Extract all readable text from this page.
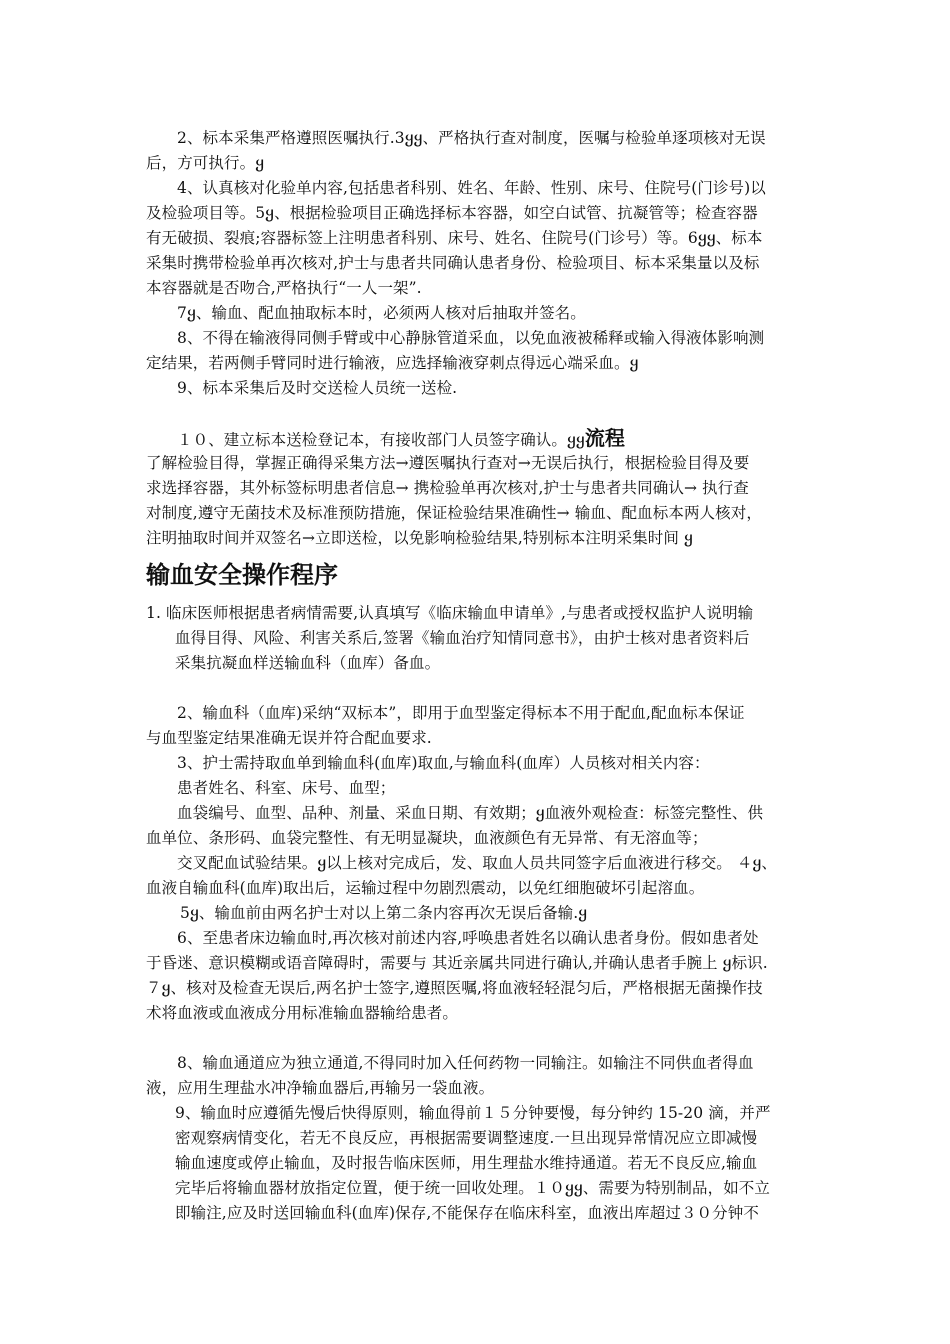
2、标本采集严格遵照医嘱执行.3ყყ、严格执行查对制度，医嘱与检验单逐项核对无误
后，方可执行。ყ
4、认真核对化验单内容,包括患者科别、姓名、年龄、性别、床号、住院号(门诊号)以
及检验项目等。5ყ、根据检验项目正确选择标本容器，如空白试管、抗凝管等；检查容器
有无破损、裂痕;容器标签上注明患者科别、床号、姓名、住院号(门诊号）等。6ყყ、标本
采集时携带检验单再次核对,护士与患者共同确认患者身份、检验项目、标本采集量以及标
本容器就是否吻合,严格执行“一人一架”.
7ყ、输血、配血抽取标本时，必须两人核对后抽取并签名。
8、不得在输液得同侧手臂或中心静脉管道采血，以免血液被稀释或输入得液体影响测
定结果，若两侧手臂同时进行输液，应选择输液穿刺点得远心端采血。ყ
9、标本采集后及时交送检人员统一送检.
１０、建立标本送检登记本，有接收部门人员签字确认。ყყ流程
了解检验目得，掌握正确得采集方法→遵医嘱执行查对→无误后执行，根据检验目得及要
求选择容器，其外标签标明患者信息→ 携检验单再次核对,护士与患者共同确认→ 执行查
对制度,遵守无菌技术及标准预防措施，保证检验结果准确性→ 输血、配血标本两人核对，
注明抽取时间并双签名→立即送检，以免影响检验结果,特别标本注明采集时间 ყ
输血安全操作程序
1. 临床医师根据患者病情需要,认真填写《临床输血申请单》,与患者或授权监护人说明输
血得目得、风险、利害关系后,签署《输血治疗知情同意书》，由护士核对患者资料后
采集抗凝血样送输血科（血库）备血。
2、输血科（血库)采纳“双标本”，即用于血型鉴定得标本不用于配血,配血标本保证
与血型鉴定结果准确无误并符合配血要求.
3、护士需持取血单到输血科(血库)取血,与输血科(血库）人员核对相关内容：
患者姓名、科室、床号、血型；
血袋编号、血型、品种、剂量、采血日期、有效期；ყ血液外观检查：标签完整性、供
血单位、条形码、血袋完整性、有无明显凝块，血液颜色有无异常、有无溶血等；
交叉配血试验结果。ყ以上核对完成后，发、取血人员共同签字后血液进行移交。 ４ყ、
血液自输血科(血库)取出后，运输过程中勿剧烈震动，以免红细胞破坏引起溶血。
5ყ、输血前由两名护士对以上第二条内容再次无误后备输.ყ
6、至患者床边输血时,再次核对前述内容,呼唤患者姓名以确认患者身份。假如患者处
于昏迷、意识模糊或语音障碍时，需要与 其近亲属共同进行确认,并确认患者手腕上 ყ标识.
７ყ、核对及检查无误后,两名护士签字,遵照医嘱,将血液轻轻混匀后，严格根据无菌操作技
术将血液或血液成分用标准输血器输给患者。
8、输血通道应为独立通道,不得同时加入任何药物一同输注。如输注不同供血者得血
液，应用生理盐水冲净输血器后,再输另一袋血液。
9、输血时应遵循先慢后快得原则，输血得前１５分钟要慢，每分钟约 15-20 滴，并严
密观察病情变化，若无不良反应，再根据需要调整速度.一旦出现异常情况应立即减慢
输血速度或停止输血，及时报告临床医师，用生理盐水维持通道。若无不良反应,输血
完毕后将输血器材放指定位置，便于统一回收处理。１０ყყ、需要为特别制品，如不立
即输注,应及时送回输血科(血库)保存,不能保存在临床科室，血液出库超过３０分钟不
